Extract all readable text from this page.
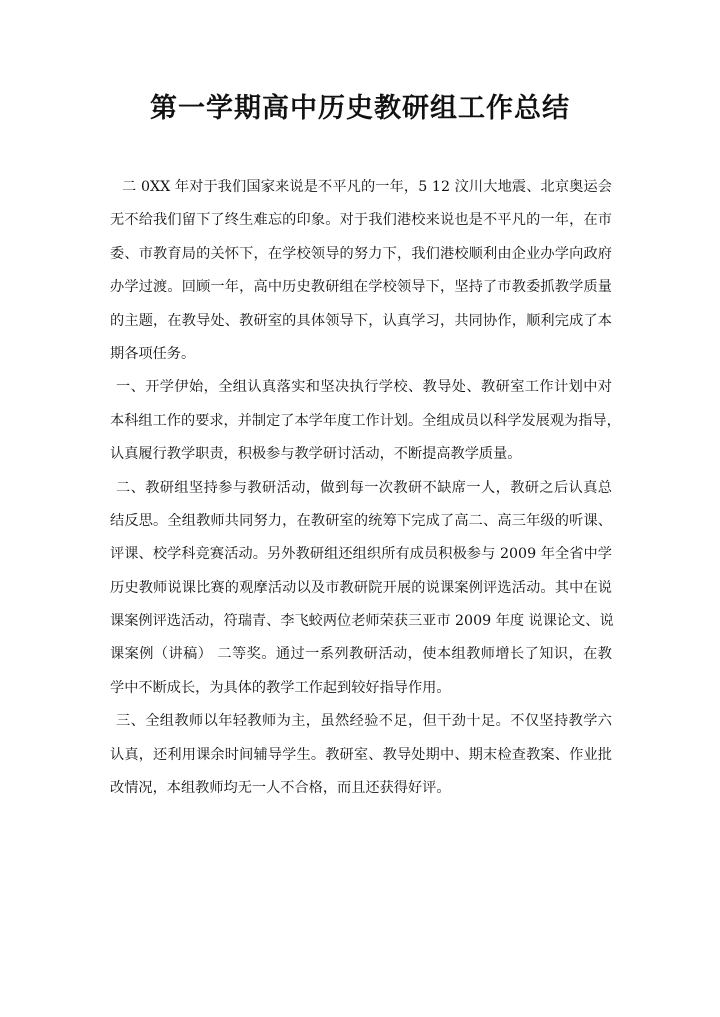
第一学期高中历史教研组工作总结
二 0XX 年对于我们国家来说是不平凡的一年，5 12 汶川大地震、北京奥运会
无不给我们留下了终生难忘的印象。对于我们港校来说也是不平凡的一年，在市
委、市教育局的关怀下，在学校领导的努力下，我们港校顺利由企业办学向政府
办学过渡。回顾一年，高中历史教研组在学校领导下，坚持了市教委抓教学质量
的主题，在教导处、教研室的具体领导下，认真学习，共同协作，顺利完成了本
期各项任务。
一、开学伊始，全组认真落实和坚决执行学校、教导处、教研室工作计划中对
本科组工作的要求，并制定了本学年度工作计划。全组成员以科学发展观为指导，
认真履行教学职责，积极参与教学研讨活动，不断提高教学质量。
二、教研组坚持参与教研活动，做到每一次教研不缺席一人，教研之后认真总
结反思。全组教师共同努力，在教研室的统筹下完成了高二、高三年级的听课、
评课、校学科竞赛活动。另外教研组还组织所有成员积极参与 2009 年全省中学
历史教师说课比赛的观摩活动以及市教研院开展的说课案例评选活动。其中在说
课案例评选活动，符瑞青、李飞蛟两位老师荣获三亚市 2009 年度 说课论文、说
课案例（讲稿） 二等奖。通过一系列教研活动，使本组教师增长了知识，在教
学中不断成长，为具体的教学工作起到较好指导作用。
三、全组教师以年轻教师为主，虽然经验不足，但干劲十足。不仅坚持教学六
认真，还利用课余时间辅导学生。教研室、教导处期中、期末检查教案、作业批
改情况，本组教师均无一人不合格，而且还获得好评。
